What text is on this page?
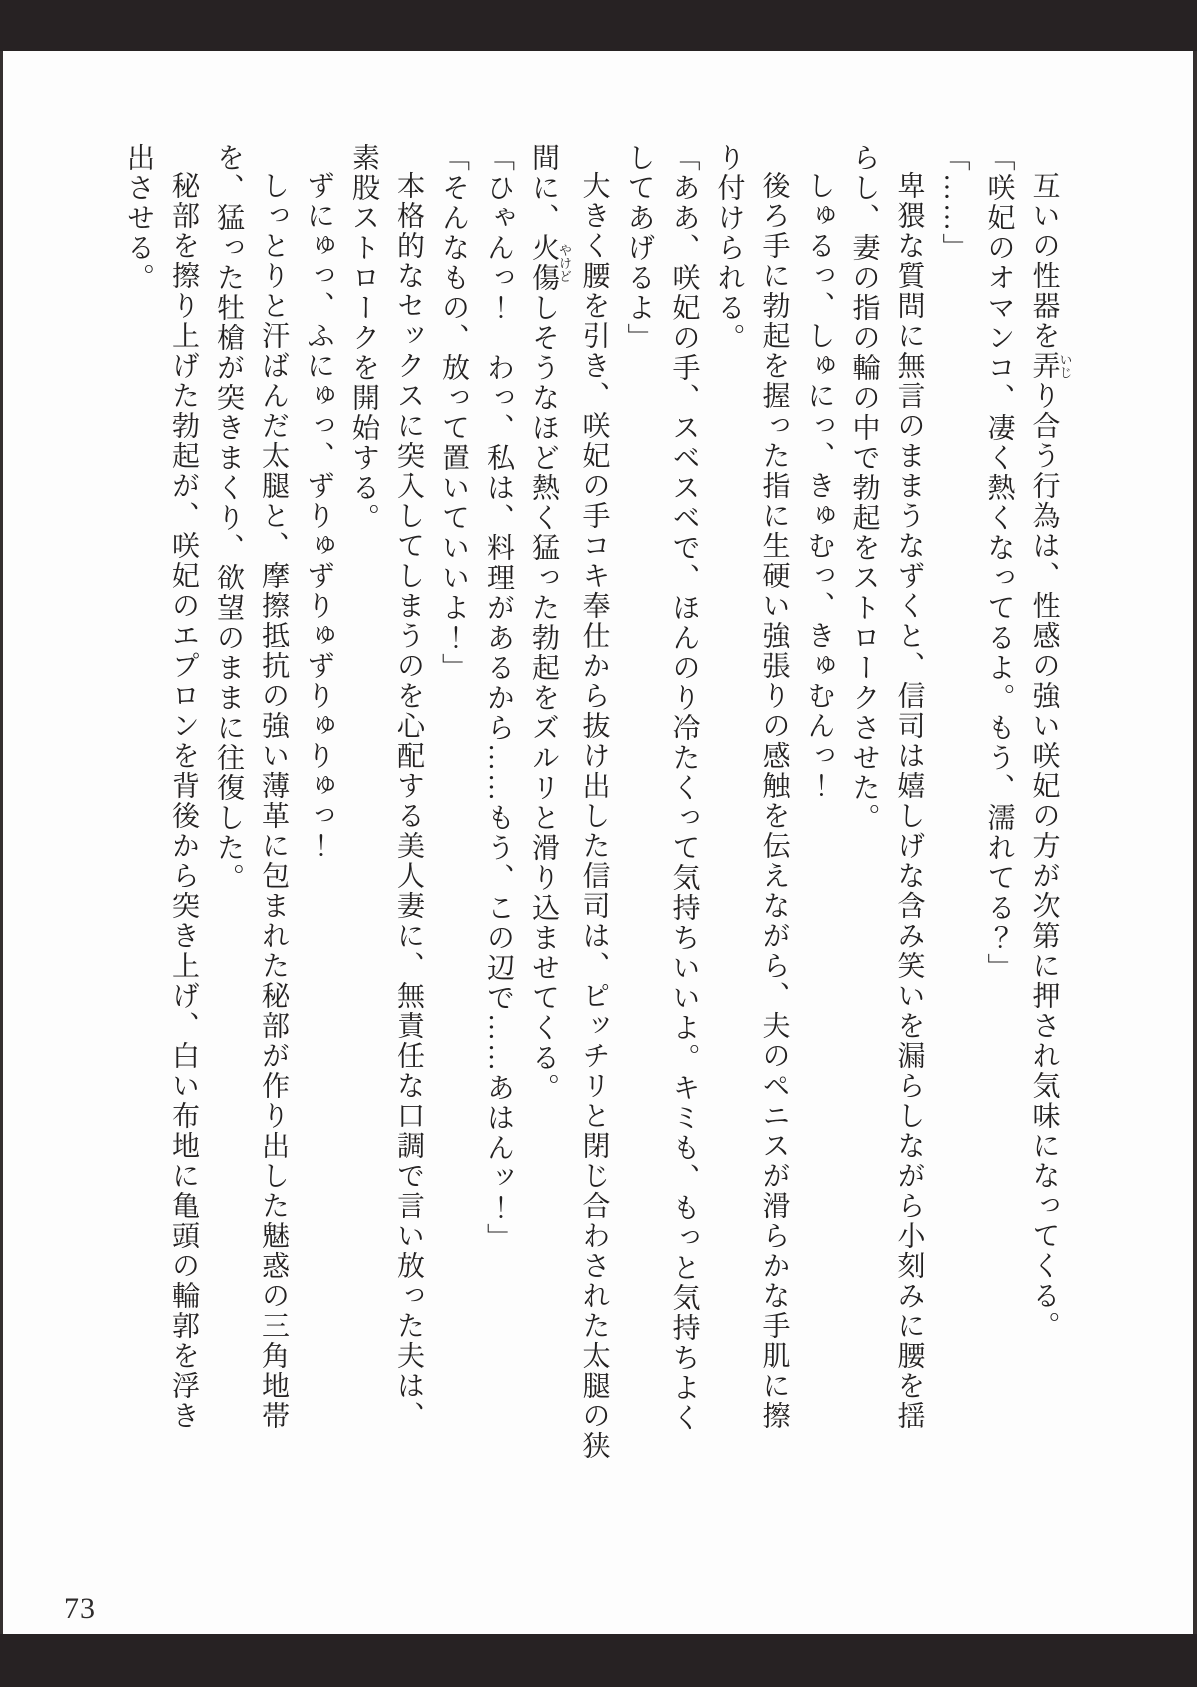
互いの性器を弄いじり合う行為は、性感の強い咲妃の方が次第に押され気味になってくる。

「咲妃のオマンコ、凄く熱くなってるよ。もう、濡れてる？」

「……」

卑猥な質問に無言のままうなずくと、信司は嬉しげな含み笑いを漏らしながら小刻みに腰を揺

らし、妻の指の輪の中で勃起をストロークさせた。

しゅるっ、しゅにっ、きゅむっ、きゅむんっ！

後ろ手に勃起を握った指に生硬い強張りの感触を伝えながら、夫のペニスが滑らかな手肌に擦

り付けられる。

「ああ、咲妃の手、スベスベで、ほんのり冷たくって気持ちいいよ。キミも、もっと気持ちよく

してあげるよ」

大きく腰を引き、咲妃の手コキ奉仕から抜け出した信司は、ピッチリと閉じ合わされた太腿の狭

間に、火傷やけどしそうなほど熱く猛った勃起をズルリと滑り込ませてくる。

「ひゃんっ！　わっ、私は、料理があるから……もう、この辺で……あはんッ！」

「そんなもの、放って置いていいよ！」

本格的なセックスに突入してしまうのを心配する美人妻に、無責任な口調で言い放った夫は、

素股ストロークを開始する。

ずにゅっ、ふにゅっ、ずりゅずりゅずりゅりゅっ！

しっとりと汗ばんだ太腿と、摩擦抵抗の強い薄革に包まれた秘部が作り出した魅惑の三角地帯

を、猛った牡槍が突きまくり、欲望のままに往復した。

秘部を擦り上げた勃起が、咲妃のエプロンを背後から突き上げ、白い布地に亀頭の輪郭を浮き

出させる。

73
